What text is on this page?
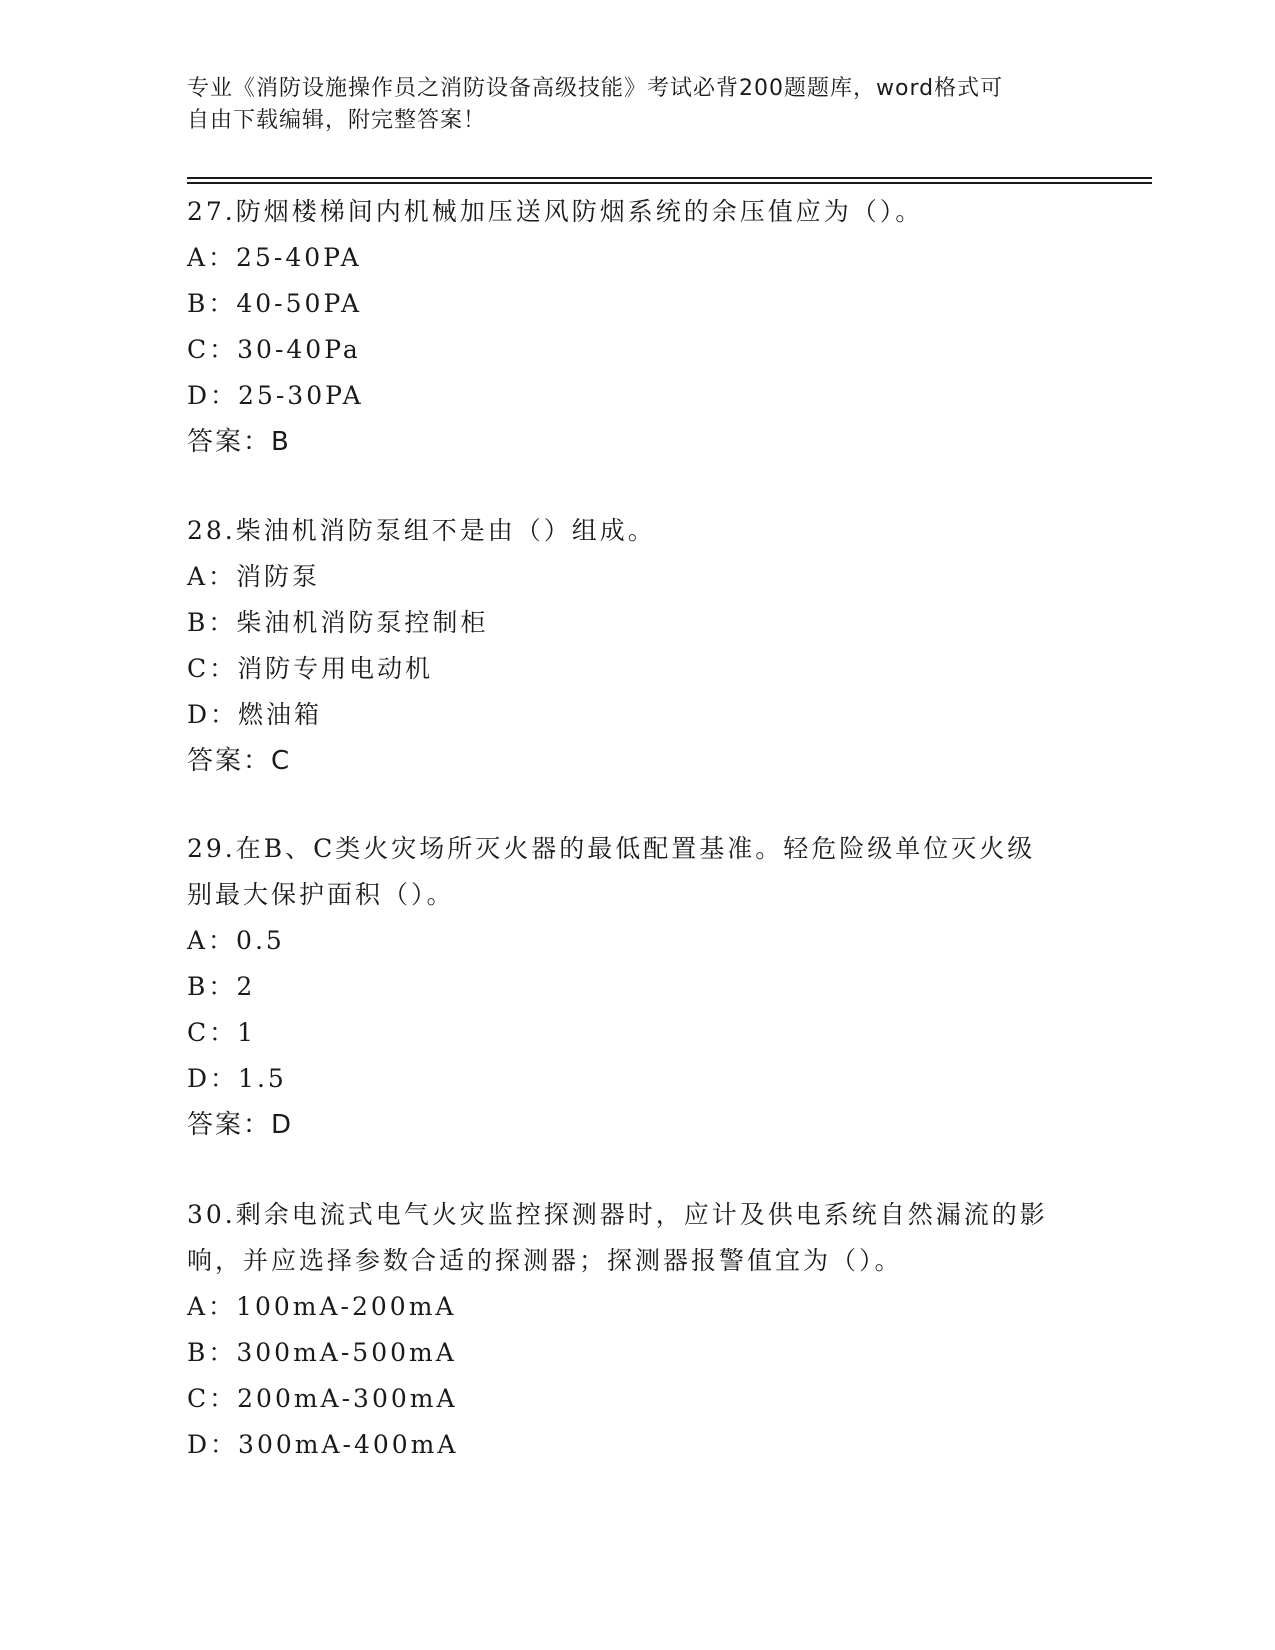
专业《消防设施操作员之消防设备高级技能》考试必背200题题库，word格式可
自由下载编辑，附完整答案！
27.防烟楼梯间内机械加压送风防烟系统的余压值应为（）。
A：25-40PA
B：40-50PA
C：30-40Pa
D：25-30PA
答案：B
28.柴油机消防泵组不是由（）组成。
A：消防泵
B：柴油机消防泵控制柜
C：消防专用电动机
D：燃油箱
答案：C
29.在B、C类火灾场所灭火器的最低配置基准。轻危险级单位灭火级
别最大保护面积（）。
A：0.5
B：2
C：1
D：1.5
答案：D
30.剩余电流式电气火灾监控探测器时，应计及供电系统自然漏流的影
响，并应选择参数合适的探测器；探测器报警值宜为（）。
A：100mA-200mA
B：300mA-500mA
C：200mA-300mA
D：300mA-400mA
